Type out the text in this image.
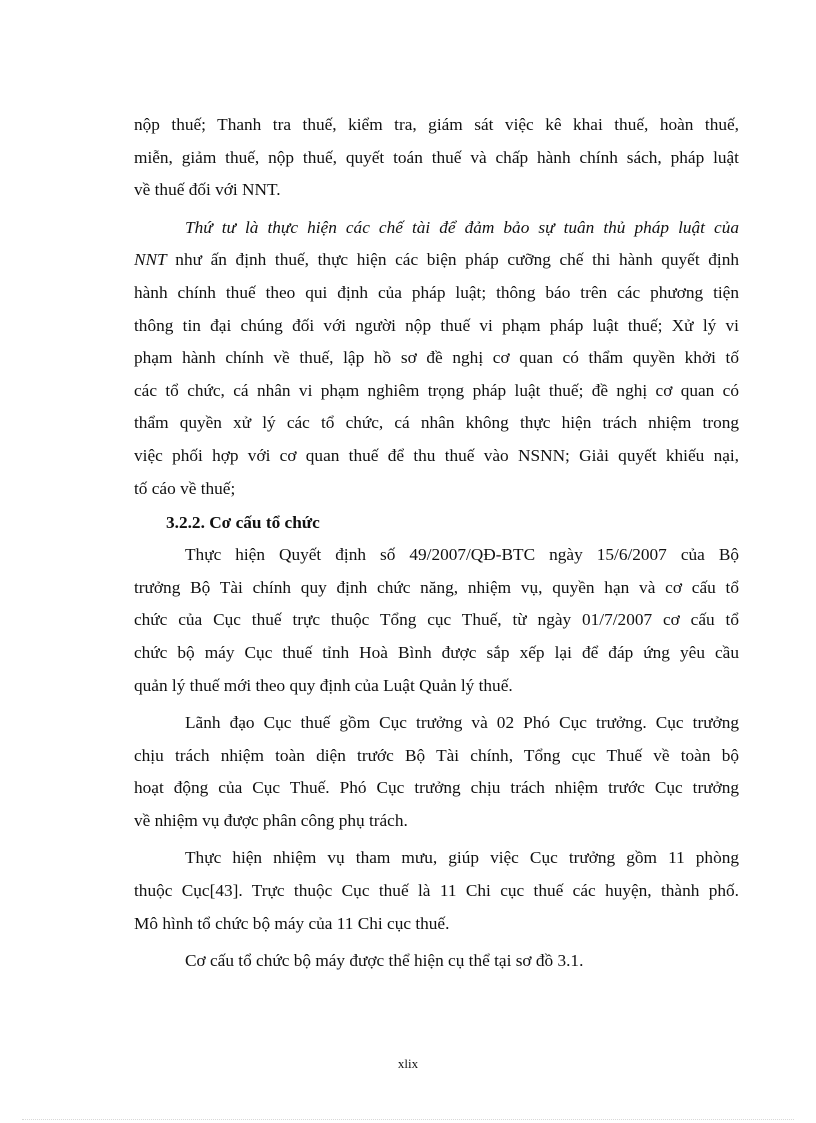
nộp thuế; Thanh tra thuế, kiểm tra, giám sát việc kê khai thuế, hoàn thuế,
miễn, giảm thuế, nộp thuế, quyết toán thuế và chấp hành chính sách, pháp luật
về thuế đối với NNT.

Thứ tư là thực hiện các chế tài để đảm bảo sự tuân thủ pháp luật của
NNT như ấn định thuế, thực hiện các biện pháp cưỡng chế thi hành quyết định
hành chính thuế theo qui định của pháp luật; thông báo trên các phương tiện
thông tin đại chúng đối với người nộp thuế vi phạm pháp luật thuế; Xử lý vi
phạm hành chính về thuế, lập hồ sơ đề nghị cơ quan có thẩm quyền khởi tố
các tổ chức, cá nhân vi phạm nghiêm trọng pháp luật thuế; đề nghị cơ quan có
thẩm quyền xử lý các tổ chức, cá nhân không thực hiện trách nhiệm trong
việc phối hợp với cơ quan thuế để thu thuế vào NSNN; Giải quyết khiếu nại,
tố cáo về thuế;

3.2.2. Cơ cấu tổ chức

Thực hiện Quyết định số 49/2007/QĐ-BTC ngày 15/6/2007 của Bộ
trưởng Bộ Tài chính quy định chức năng, nhiệm vụ, quyền hạn và cơ cấu tổ
chức của Cục thuế trực thuộc Tổng cục Thuế, từ ngày 01/7/2007 cơ cấu tổ
chức bộ máy Cục thuế tỉnh Hoà Bình được sắp xếp lại để đáp ứng yêu cầu
quản lý thuế mới theo quy định của Luật Quản lý thuế.

Lãnh đạo Cục thuế gồm Cục trưởng và 02 Phó Cục trưởng. Cục trưởng
chịu trách nhiệm toàn diện trước Bộ Tài chính, Tổng cục Thuế về toàn bộ
hoạt động của Cục Thuế. Phó Cục trưởng chịu trách nhiệm trước Cục trưởng
về nhiệm vụ được phân công phụ trách.

Thực hiện nhiệm vụ tham mưu, giúp việc Cục trưởng gồm 11 phòng
thuộc Cục[43]. Trực thuộc Cục thuế là 11 Chi cục thuế các huyện, thành phố.
Mô hình tổ chức bộ máy của 11 Chi cục thuế.

Cơ cấu tổ chức bộ máy được thể hiện cụ thể tại sơ đồ 3.1.

xlix
